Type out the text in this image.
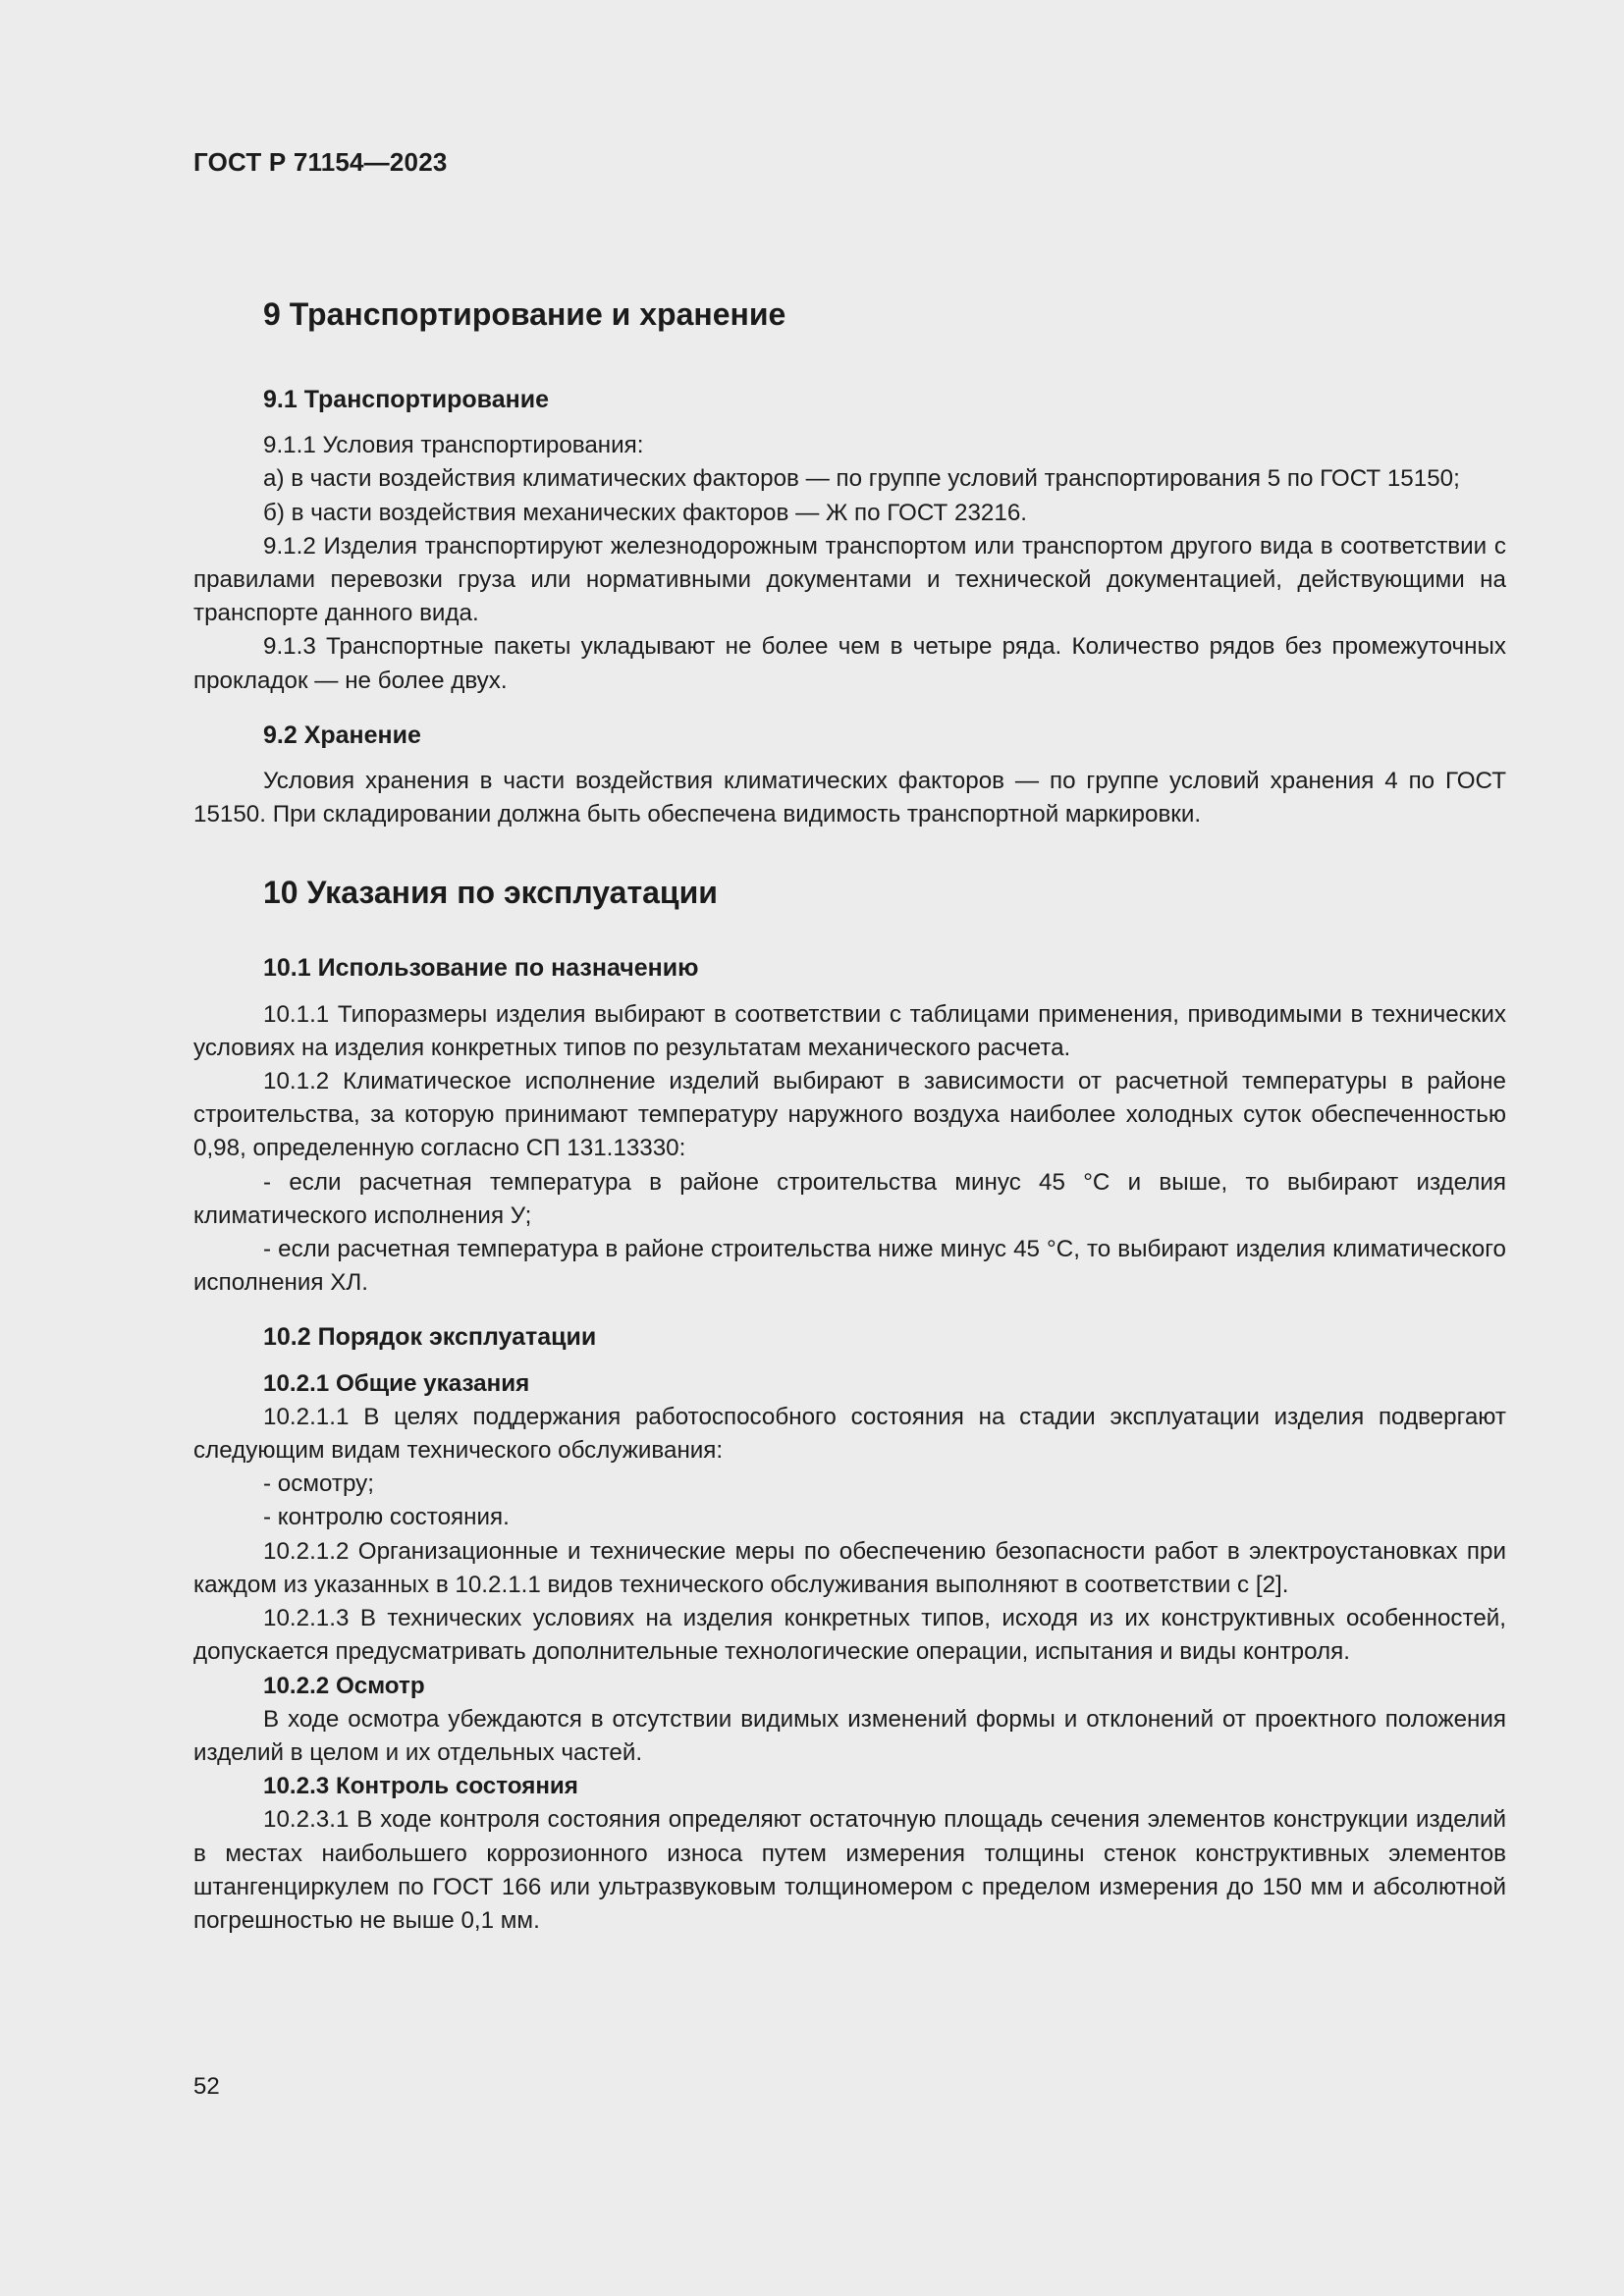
ГОСТ Р 71154—2023

9 Транспортирование и хранение

9.1 Транспортирование

9.1.1 Условия транспортирования:

а) в части воздействия климатических факторов — по группе условий транспортирования 5 по ГОСТ 15150;

б) в части воздействия механических факторов — Ж по ГОСТ 23216.

9.1.2 Изделия транспортируют железнодорожным транспортом или транспортом другого вида в соответствии с правилами перевозки груза или нормативными документами и технической документацией, действующими на транспорте данного вида.

9.1.3 Транспортные пакеты укладывают не более чем в четыре ряда. Количество рядов без промежуточных прокладок — не более двух.

9.2 Хранение

Условия хранения в части воздействия климатических факторов — по группе условий хранения 4 по ГОСТ 15150. При складировании должна быть обеспечена видимость транспортной маркировки.

10 Указания по эксплуатации

10.1 Использование по назначению

10.1.1 Типоразмеры изделия выбирают в соответствии с таблицами применения, приводимыми в технических условиях на изделия конкретных типов по результатам механического расчета.

10.1.2 Климатическое исполнение изделий выбирают в зависимости от расчетной температуры в районе строительства, за которую принимают температуру наружного воздуха наиболее холодных суток обеспеченностью 0,98, определенную согласно СП 131.13330:

- если расчетная температура в районе строительства минус 45 °С и выше, то выбирают изделия климатического исполнения У;

- если расчетная температура в районе строительства ниже минус 45 °С, то выбирают изделия климатического исполнения ХЛ.

10.2 Порядок эксплуатации

10.2.1 Общие указания

10.2.1.1 В целях поддержания работоспособного состояния на стадии эксплуатации изделия подвергают следующим видам технического обслуживания:

- осмотру;

- контролю состояния.

10.2.1.2 Организационные и технические меры по обеспечению безопасности работ в электроустановках при каждом из указанных в 10.2.1.1 видов технического обслуживания выполняют в соответствии с [2].

10.2.1.3 В технических условиях на изделия конкретных типов, исходя из их конструктивных особенностей, допускается предусматривать дополнительные технологические операции, испытания и виды контроля.

10.2.2 Осмотр

В ходе осмотра убеждаются в отсутствии видимых изменений формы и отклонений от проектного положения изделий в целом и их отдельных частей.

10.2.3 Контроль состояния

10.2.3.1 В ходе контроля состояния определяют остаточную площадь сечения элементов конструкции изделий в местах наибольшего коррозионного износа путем измерения толщины стенок конструктивных элементов штангенциркулем по ГОСТ 166 или ультразвуковым толщиномером с пределом измерения до 150 мм и абсолютной погрешностью не выше 0,1 мм.

52
